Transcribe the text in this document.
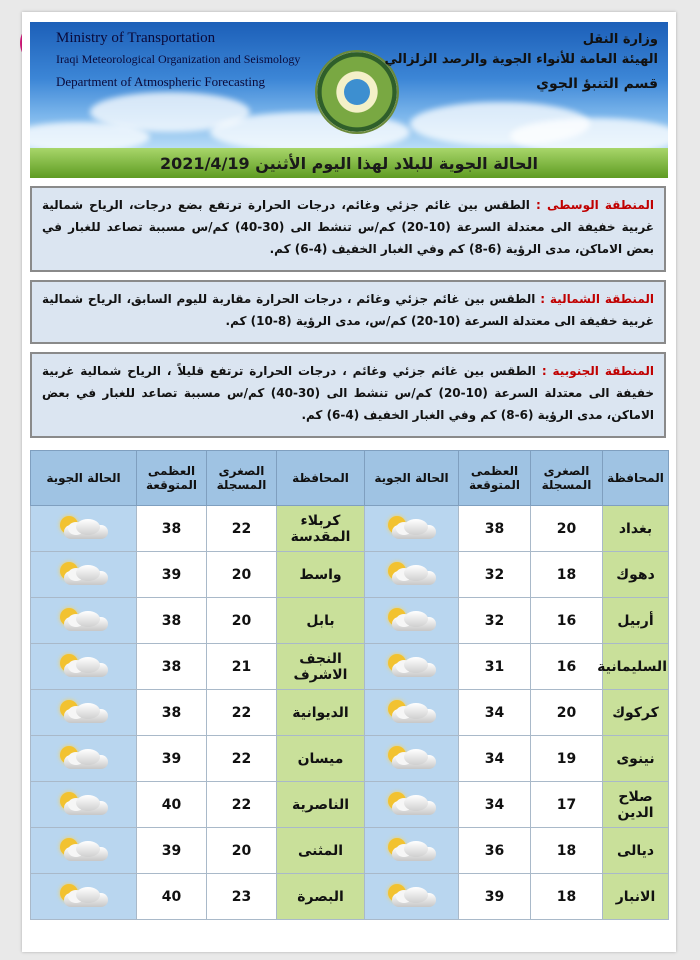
Ministry of Transportation
Iraqi Meteorological Organization and Seismology
Department of Atmospheric Forecasting
وزارة النقل
الهيئة العامة للأنواء الجوية والرصد الزلزالي
قسم التنبؤ الجوي
الحالة الجوية للبلاد لهذا اليوم الأثنين 2021/4/19
المنطقة الوسطى : الطقس بين غائم جزئي وغائم، درجات الحرارة ترتفع بضع درجات، الرياح شمالية غربية خفيفة الى معتدلة السرعة (10-20) كم/س تنشط الى (30-40) كم/س مسببة تصاعد للغبار في بعض الاماكن، مدى الرؤية (6-8) كم وفي الغبار الخفيف (4-6) كم.
المنطقة الشمالية : الطقس بين غائم جزئي وغائم ، درجات الحرارة مقاربة لليوم السابق، الرياح شمالية غربية خفيفة الى معتدلة السرعة (10-20) كم/س، مدى الرؤية (8-10) كم.
المنطقة الجنوبية : الطقس بين غائم جزئي وغائم ، درجات الحرارة ترتفع قليلاً ، الرياح شمالية غربية خفيفة الى معتدلة السرعة (10-20) كم/س تنشط الى (30-40) كم/س مسببة تصاعد للغبار في بعض الاماكن، مدى الرؤية (6-8) كم وفي الغبار الخفيف (4-6) كم.
المحافظة	الصغرى المسجلة	العظمى المتوقعة	الحالة الجوية	المحافظة	الصغرى المسجلة	العظمى المتوقعة	الحالة الجوية
بغداد	20	38		كربلاء المقدسة	22	38	

دهوك	18	32		واسط	20	39	

أربيل	16	32		بابل	20	38	

السليمانية	16	31		النجف الاشرف	21	38	

كركوك	20	34		الديوانية	22	38	

نينوى	19	34		ميسان	22	39	

صلاح الدين	17	34		الناصرية	22	40	

ديالى	18	36		المثنى	20	39	

الانبار	18	39		البصرة	23	40	
